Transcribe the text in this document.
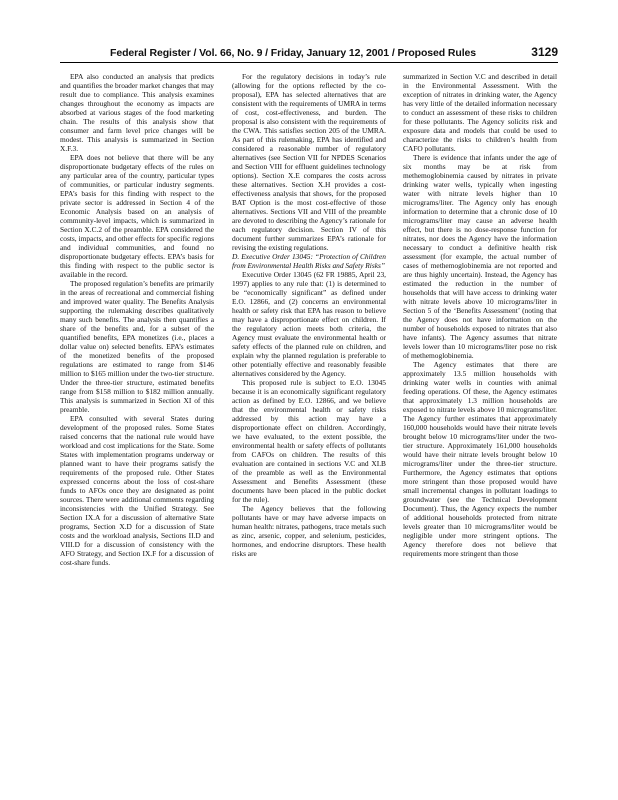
Federal Register / Vol. 66, No. 9 / Friday, January 12, 2001 / Proposed Rules	3129

EPA also conducted an analysis that predicts and quantifies the broader market changes that may result due to compliance. This analysis examines changes throughout the economy as impacts are absorbed at various stages of the food marketing chain. The results of this analysis show that consumer and farm level price changes will be modest. This analysis is summarized in Section X.F.3.

EPA does not believe that there will be any disproportionate budgetary effects of the rules on any particular area of the country, particular types of communities, or particular industry segments. EPA’s basis for this finding with respect to the private sector is addressed in Section 4 of the Economic Analysis based on an analysis of community-level impacts, which is summarized in Section X.C.2 of the preamble. EPA considered the costs, impacts, and other effects for specific regions and individual communities, and found no disproportionate budgetary effects. EPA’s basis for this finding with respect to the public sector is available in the record.

The proposed regulation’s benefits are primarily in the areas of recreational and commercial fishing and improved water quality. The Benefits Analysis supporting the rulemaking describes qualitatively many such benefits. The analysis then quantifies a share of the benefits and, for a subset of the quantified benefits, EPA monetizes (i.e., places a dollar value on) selected benefits. EPA’s estimates of the monetized benefits of the proposed regulations are estimated to range from $146 million to $165 million under the two-tier structure. Under the three-tier structure, estimated benefits range from $158 million to $182 million annually. This analysis is summarized in Section XI of this preamble.

EPA consulted with several States during development of the proposed rules. Some States raised concerns that the national rule would have workload and cost implications for the State. Some States with implementation programs underway or planned want to have their programs satisfy the requirements of the proposed rule. Other States expressed concerns about the loss of cost-share funds to AFOs once they are designated as point sources. There were additional comments regarding inconsistencies with the Unified Strategy. See Section IX.A for a discussion of alternative State programs, Section X.D for a discussion of State costs and the workload analysis, Sections II.D and VIII.D for a discussion of consistency with the AFO Strategy, and Section IX.F for a discussion of cost-share funds.

For the regulatory decisions in today’s rule (allowing for the options reflected by the co-proposal), EPA has selected alternatives that are consistent with the requirements of UMRA in terms of cost, cost-effectiveness, and burden. The proposal is also consistent with the requirements of the CWA. This satisfies section 205 of the UMRA. As part of this rulemaking, EPA has identified and considered a reasonable number of regulatory alternatives (see Section VII for NPDES Scenarios and Section VIII for effluent guidelines technology options). Section X.E compares the costs across these alternatives. Section X.H provides a cost-effectiveness analysis that shows, for the proposed BAT Option is the most cost-effective of those alternatives. Sections VII and VIII of the preamble are devoted to describing the Agency’s rationale for each regulatory decision. Section IV of this document further summarizes EPA’s rationale for revising the existing regulations.

D. Executive Order 13045: “Protection of Children from Environmental Health Risks and Safety Risks”

Executive Order 13045 (62 FR 19885, April 23, 1997) applies to any rule that: (1) is determined to be “economically significant” as defined under E.O. 12866, and (2) concerns an environmental health or safety risk that EPA has reason to believe may have a disproportionate effect on children. If the regulatory action meets both criteria, the Agency must evaluate the environmental health or safety effects of the planned rule on children, and explain why the planned regulation is preferable to other potentially effective and reasonably feasible alternatives considered by the Agency.

This proposed rule is subject to E.O. 13045 because it is an economically significant regulatory action as defined by E.O. 12866, and we believe that the environmental health or safety risks addressed by this action may have a disproportionate effect on children. Accordingly, we have evaluated, to the extent possible, the environmental health or safety effects of pollutants from CAFOs on children. The results of this evaluation are contained in sections V.C and XI.B of the preamble as well as the Environmental Assessment and Benefits Assessment (these documents have been placed in the public docket for the rule).

The Agency believes that the following pollutants have or may have adverse impacts on human health: nitrates, pathogens, trace metals such as zinc, arsenic, copper, and selenium, pesticides, hormones, and endocrine disruptors. These health risks are

summarized in Section V.C and described in detail in the Environmental Assessment. With the exception of nitrates in drinking water, the Agency has very little of the detailed information necessary to conduct an assessment of these risks to children for these pollutants. The Agency solicits risk and exposure data and models that could be used to characterize the risks to children’s health from CAFO pollutants.

There is evidence that infants under the age of six months may be at risk from methemoglobinemia caused by nitrates in private drinking water wells, typically when ingesting water with nitrate levels higher than 10 micrograms/liter. The Agency only has enough information to determine that a chronic dose of 10 micrograms/liter may cause an adverse health effect, but there is no dose-response function for nitrates, nor does the Agency have the information necessary to conduct a definitive health risk assessment (for example, the actual number of cases of methemoglobinemia are not reported and are thus highly uncertain). Instead, the Agency has estimated the reduction in the number of households that will have access to drinking water with nitrate levels above 10 micrograms/liter in Section 5 of the ‘Benefits Assessment’ (noting that the Agency does not have information on the number of households exposed to nitrates that also have infants). The Agency assumes that nitrate levels lower than 10 micrograms/liter pose no risk of methemoglobinemia.

The Agency estimates that there are approximately 13.5 million households with drinking water wells in counties with animal feeding operations. Of these, the Agency estimates that approximately 1.3 million households are exposed to nitrate levels above 10 micrograms/liter. The Agency further estimates that approximately 160,000 households would have their nitrate levels brought below 10 micrograms/liter under the two-tier structure. Approximately 161,000 households would have their nitrate levels brought below 10 micrograms/liter under the three-tier structure. Furthermore, the Agency estimates that options more stringent than those proposed would have small incremental changes in pollutant loadings to groundwater (see the Technical Development Document). Thus, the Agency expects the number of additional households protected from nitrate levels greater than 10 micrograms/liter would be negligible under more stringent options. The Agency therefore does not believe that requirements more stringent than those
